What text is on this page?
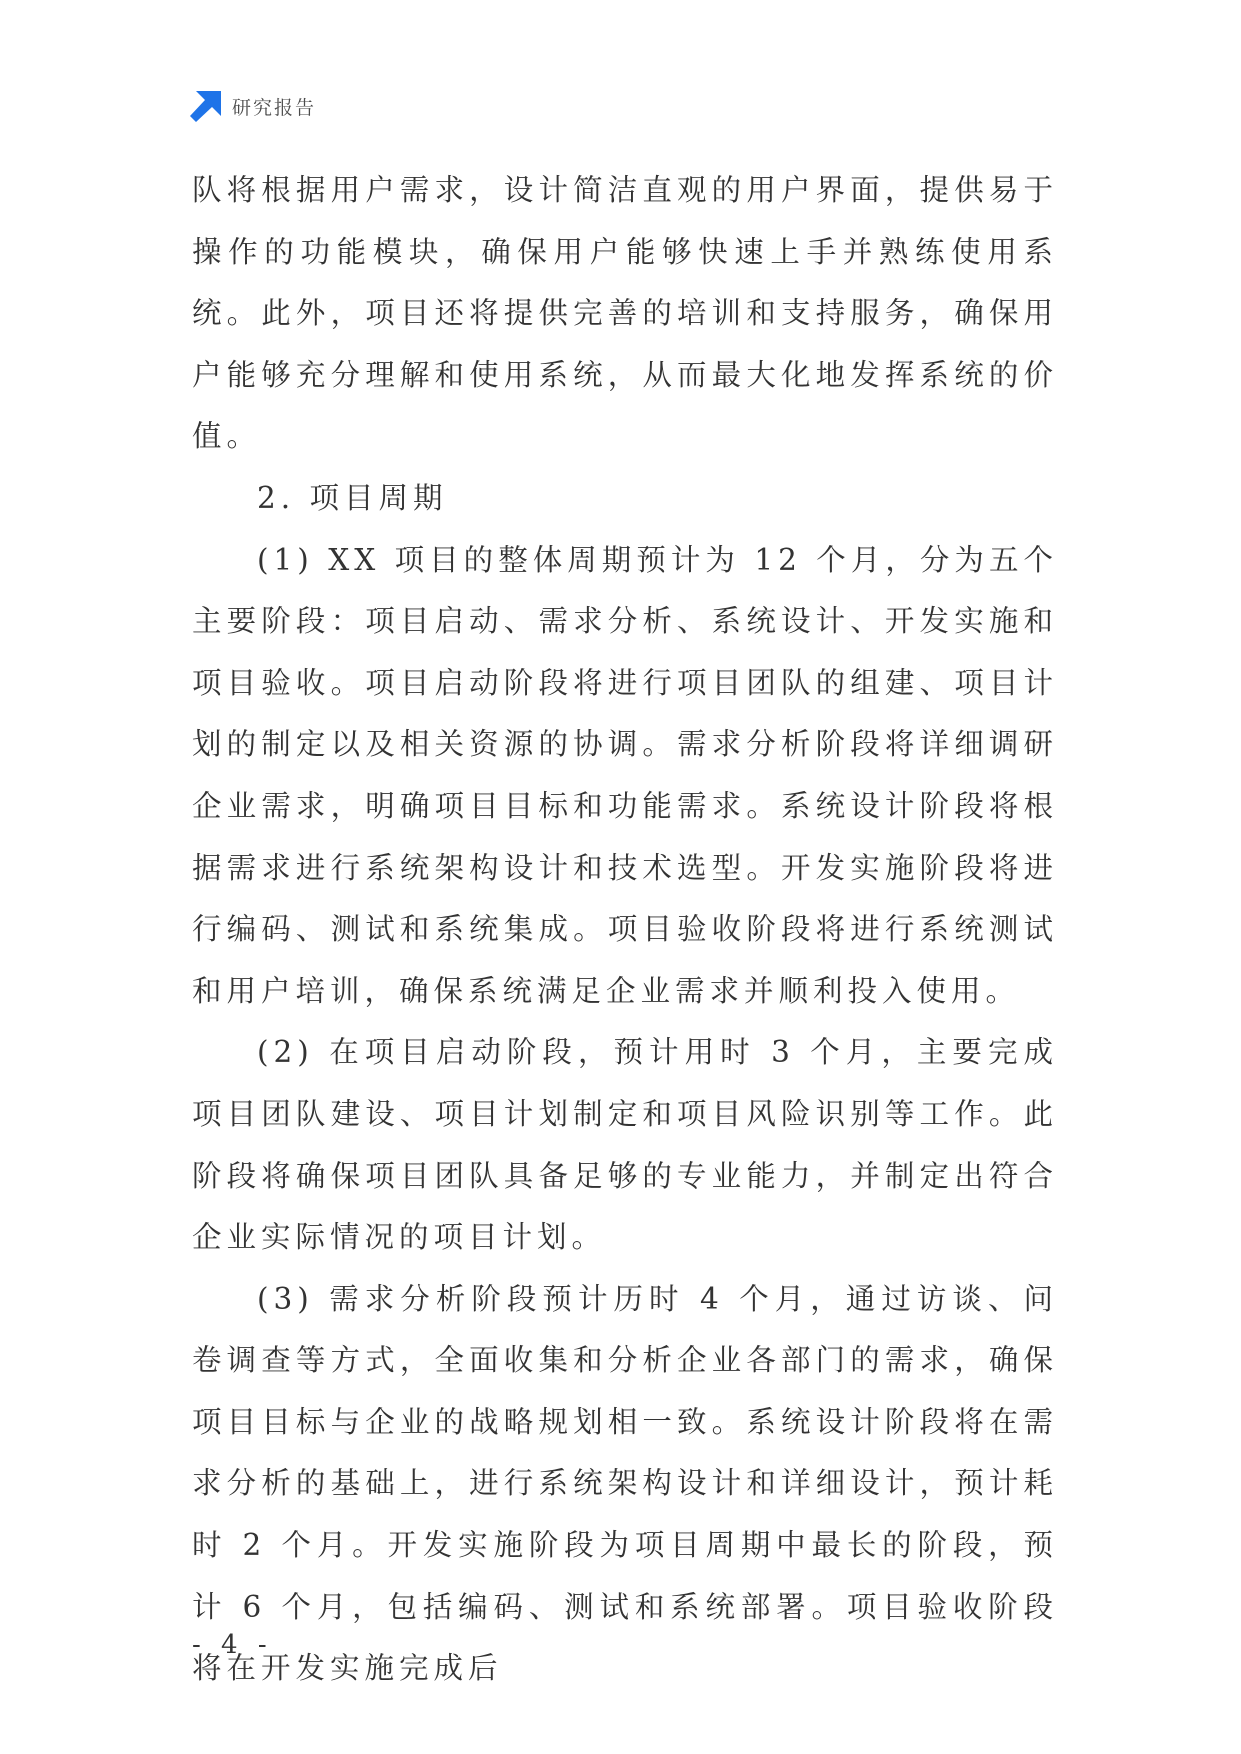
研究报告

队将根据用户需求，设计简洁直观的用户界面，提供易于操作的功能模块，确保用户能够快速上手并熟练使用系统。此外，项目还将提供完善的培训和支持服务，确保用户能够充分理解和使用系统，从而最大化地发挥系统的价值。

2. 项目周期

(1) XX 项目的整体周期预计为 12 个月，分为五个主要阶段：项目启动、需求分析、系统设计、开发实施和项目验收。项目启动阶段将进行项目团队的组建、项目计划的制定以及相关资源的协调。需求分析阶段将详细调研企业需求，明确项目目标和功能需求。系统设计阶段将根据需求进行系统架构设计和技术选型。开发实施阶段将进行编码、测试和系统集成。项目验收阶段将进行系统测试和用户培训，确保系统满足企业需求并顺利投入使用。

(2) 在项目启动阶段，预计用时 3 个月，主要完成项目团队建设、项目计划制定和项目风险识别等工作。此阶段将确保项目团队具备足够的专业能力，并制定出符合企业实际情况的项目计划。

(3) 需求分析阶段预计历时 4 个月，通过访谈、问卷调查等方式，全面收集和分析企业各部门的需求，确保项目目标与企业的战略规划相一致。系统设计阶段将在需求分析的基础上，进行系统架构设计和详细设计，预计耗时 2 个月。开发实施阶段为项目周期中最长的阶段，预计 6 个月，包括编码、测试和系统部署。项目验收阶段将在开发实施完成后

- 4 -
